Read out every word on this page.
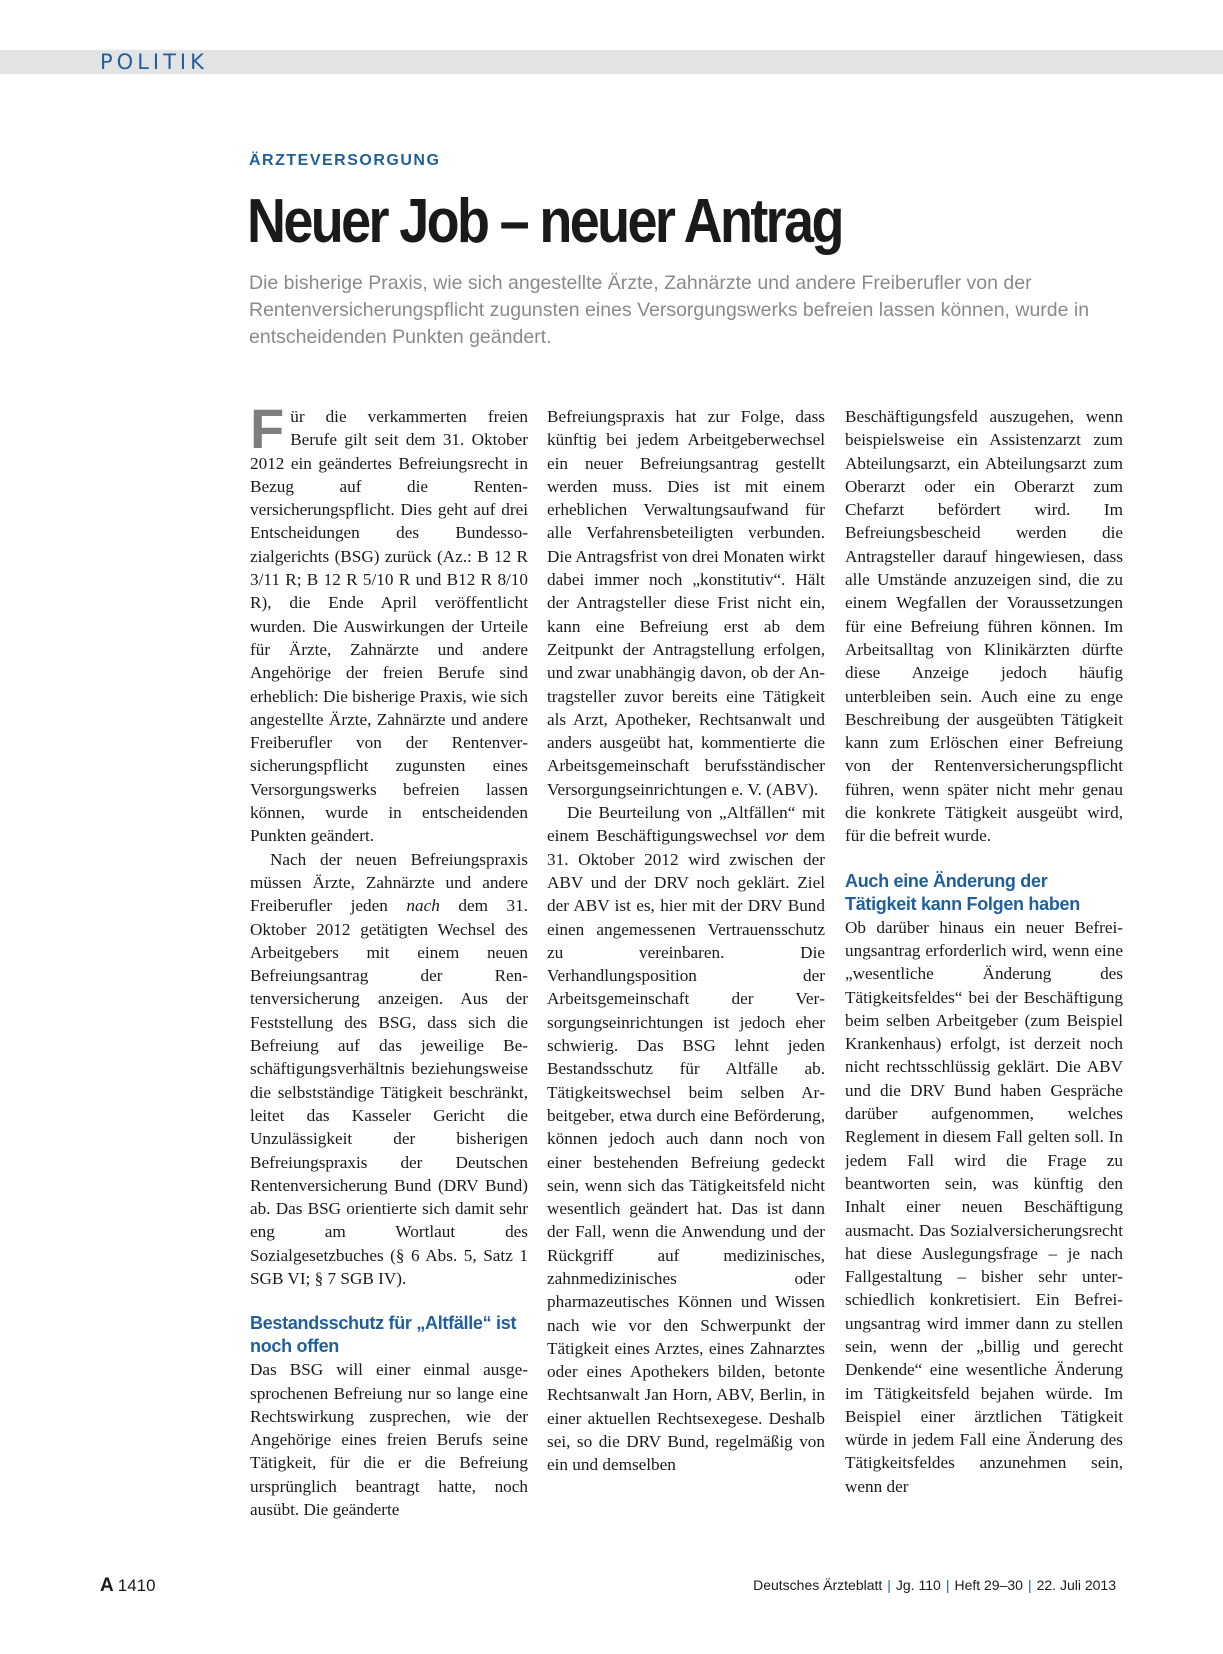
POLITIK
ÄRZTEVERSORGUNG
Neuer Job – neuer Antrag

Die bisherige Praxis, wie sich angestellte Ärzte, Zahnärzte und andere Freiberufler von der Rentenversicherungspflicht zugunsten eines Versorgungswerks befreien lassen können, wurde in entscheidenden Punkten geändert.

Für die verkammerten freien Berufe gilt seit dem 31. Oktober 2012 ein geändertes Befreiungsrecht in Bezug auf die Rentenversicherungspflicht. Dies geht auf drei Entscheidungen des Bundessozialgerichts (BSG) zurück (Az.: B 12 R 3/11 R; B 12 R 5/10 R und B12 R 8/10 R), die Ende April veröffentlicht wurden. Die Auswirkungen der Urteile für Ärzte, Zahnärzte und andere Angehörige der freien Berufe sind erheblich: Die bisherige Praxis, wie sich angestellte Ärzte, Zahnärzte und andere Freiberufler von der Rentenversicherungspflicht zugunsten eines Versorgungswerks befreien lassen können, wurde in entscheidenden Punkten geändert.

Nach der neuen Befreiungspraxis müssen Ärzte, Zahnärzte und andere Freiberufler jeden nach dem 31. Oktober 2012 getätigten Wechsel des Arbeitgebers mit einem neuen Befreiungsantrag der Rentenversicherung anzeigen. Aus der Feststellung des BSG, dass sich die Befreiung auf das jeweilige Beschäftigungsverhältnis beziehungsweise die selbstständige Tätigkeit beschränkt, leitet das Kasseler Gericht die Unzulässigkeit der bisherigen Befreiungspraxis der Deutschen Rentenversicherung Bund (DRV Bund) ab. Das BSG orientierte sich damit sehr eng am Wortlaut des Sozialgesetzbuches (§ 6 Abs. 5, Satz 1 SGB VI; § 7 SGB IV).

Bestandsschutz für „Altfälle“ ist noch offen

Das BSG will einer einmal ausgesprochenen Befreiung nur so lange eine Rechtswirkung zusprechen, wie der Angehörige eines freien Berufs seine Tätigkeit, für die er die Befreiung ursprünglich beantragt hatte, noch ausübt. Die geänderte

Befreiungspraxis hat zur Folge, dass künftig bei jedem Arbeitgeberwechsel ein neuer Befreiungsantrag gestellt werden muss. Dies ist mit einem erheblichen Verwaltungsaufwand für alle Verfahrensbeteiligten verbunden. Die Antragsfrist von drei Monaten wirkt dabei immer noch „konstitutiv“. Hält der Antragsteller diese Frist nicht ein, kann eine Befreiung erst ab dem Zeitpunkt der Antragstellung erfolgen, und zwar unabhängig davon, ob der Antragsteller zuvor bereits eine Tätigkeit als Arzt, Apotheker, Rechtsanwalt und anders ausgeübt hat, kommentierte die Arbeitsgemeinschaft berufsständischer Versorgungseinrichtungen e. V. (ABV).

Die Beurteilung von „Altfällen“ mit einem Beschäftigungswechsel vor dem 31. Oktober 2012 wird zwischen der ABV und der DRV noch geklärt. Ziel der ABV ist es, hier mit der DRV Bund einen angemessenen Vertrauensschutz zu vereinbaren. Die Verhandlungsposition der Arbeitsgemeinschaft der Versorgungseinrichtungen ist jedoch eher schwierig. Das BSG lehnt jeden Bestandsschutz für Altfälle ab. Tätigkeitswechsel beim selben Arbeitgeber, etwa durch eine Beförderung, können jedoch auch dann noch von einer bestehenden Befreiung gedeckt sein, wenn sich das Tätigkeitsfeld nicht wesentlich geändert hat. Das ist dann der Fall, wenn die Anwendung und der Rückgriff auf medizinisches, zahnmedizinisches oder pharmazeutisches Können und Wissen nach wie vor den Schwerpunkt der Tätigkeit eines Arztes, eines Zahnarztes oder eines Apothekers bilden, betonte Rechtsanwalt Jan Horn, ABV, Berlin, in einer aktuellen Rechtsexegese. Deshalb sei, so die DRV Bund, regelmäßig von ein und demselben

Beschäftigungsfeld auszugehen, wenn beispielsweise ein Assistenzarzt zum Abteilungsarzt, ein Abteilungsarzt zum Oberarzt oder ein Oberarzt zum Chefarzt befördert wird. Im Befreiungsbescheid werden die Antragsteller darauf hingewiesen, dass alle Umstände anzuzeigen sind, die zu einem Wegfallen der Voraussetzungen für eine Befreiung führen können. Im Arbeitsalltag von Klinikärzten dürfte diese Anzeige jedoch häufig unterbleiben sein. Auch eine zu enge Beschreibung der ausgeübten Tätigkeit kann zum Erlöschen einer Befreiung von der Rentenversicherungspflicht führen, wenn später nicht mehr genau die konkrete Tätigkeit ausgeübt wird, für die befreit wurde.

Auch eine Änderung der Tätigkeit kann Folgen haben

Ob darüber hinaus ein neuer Befreiungsantrag erforderlich wird, wenn eine „wesentliche Änderung des Tätigkeitsfeldes“ bei der Beschäftigung beim selben Arbeitgeber (zum Beispiel Krankenhaus) erfolgt, ist derzeit noch nicht rechtsschlüssig geklärt. Die ABV und die DRV Bund haben Gespräche darüber aufgenommen, welches Reglement in diesem Fall gelten soll. In jedem Fall wird die Frage zu beantworten sein, was künftig den Inhalt einer neuen Beschäftigung ausmacht. Das Sozialversicherungsrecht hat diese Auslegungsfrage – je nach Fallgestaltung – bisher sehr unterschiedlich konkretisiert. Ein Befreiungsantrag wird immer dann zu stellen sein, wenn der „billig und gerecht Denkende“ eine wesentliche Änderung im Tätigkeitsfeld bejahen würde. Im Beispiel einer ärztlichen Tätigkeit würde in jedem Fall eine Änderung des Tätigkeitsfeldes anzunehmen sein, wenn der

A 1410	Deutsches Ärzteblatt | Jg. 110 | Heft 29–30 | 22. Juli 2013
